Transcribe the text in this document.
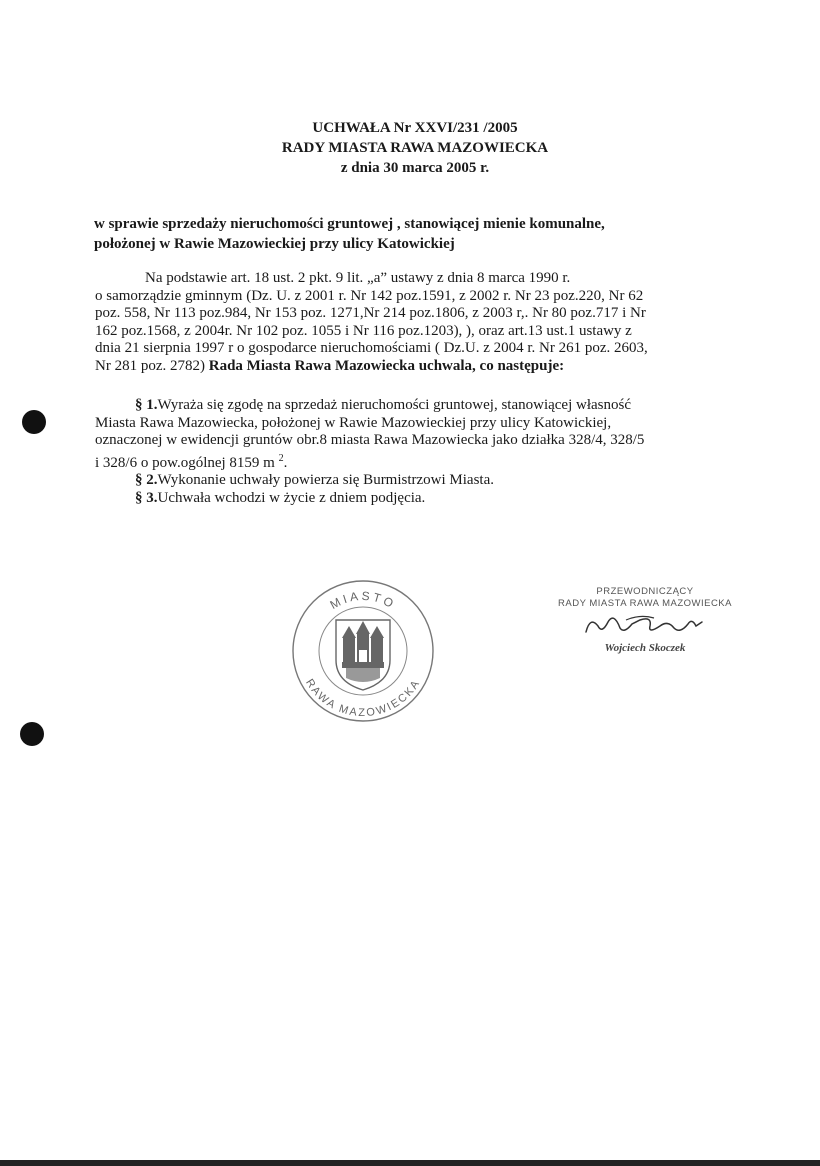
UCHWAŁA Nr XXVI/231 /2005
RADY MIASTA RAWA MAZOWIECKA
z dnia 30 marca 2005 r.
w sprawie sprzedaży nieruchomości gruntowej , stanowiącej mienie komunalne,
położonej w Rawie Mazowieckiej przy ulicy Katowickiej

Na podstawie art. 18 ust. 2 pkt. 9 lit. „a” ustawy z dnia 8 marca 1990 r.

o samorządzie gminnym (Dz. U. z 2001 r. Nr 142 poz.1591, z 2002 r. Nr 23 poz.220, Nr 62

poz. 558, Nr 113 poz.984, Nr 153 poz. 1271,Nr 214 poz.1806, z 2003 r,. Nr 80 poz.717 i Nr

162 poz.1568, z 2004r. Nr 102 poz. 1055 i Nr 116 poz.1203), ), oraz art.13 ust.1 ustawy z

dnia 21 sierpnia 1997 r o gospodarce nieruchomościami ( Dz.U. z 2004 r. Nr 261 poz. 2603,

Nr 281 poz. 2782) Rada Miasta Rawa Mazowiecka uchwala, co następuje:

§ 1.Wyraża się zgodę na sprzedaż nieruchomości gruntowej, stanowiącej własność

Miasta Rawa Mazowiecka, położonej w Rawie Mazowieckiej przy ulicy Katowickiej,

oznaczonej w ewidencji gruntów obr.8 miasta Rawa Mazowiecka jako działka 328/4, 328/5

i 328/6 o pow.ogólnej 8159 m $^2$.

§ 2.Wykonanie uchwały powierza się Burmistrzowi Miasta.

§ 3.Uchwała wchodzi w życie z dniem podjęcia.

MIASTO
RAWA MAZOWIECKA
PRZEWODNICZĄCY
RADY MIASTA RAWA MAZOWIECKA
Wojciech Skoczek
